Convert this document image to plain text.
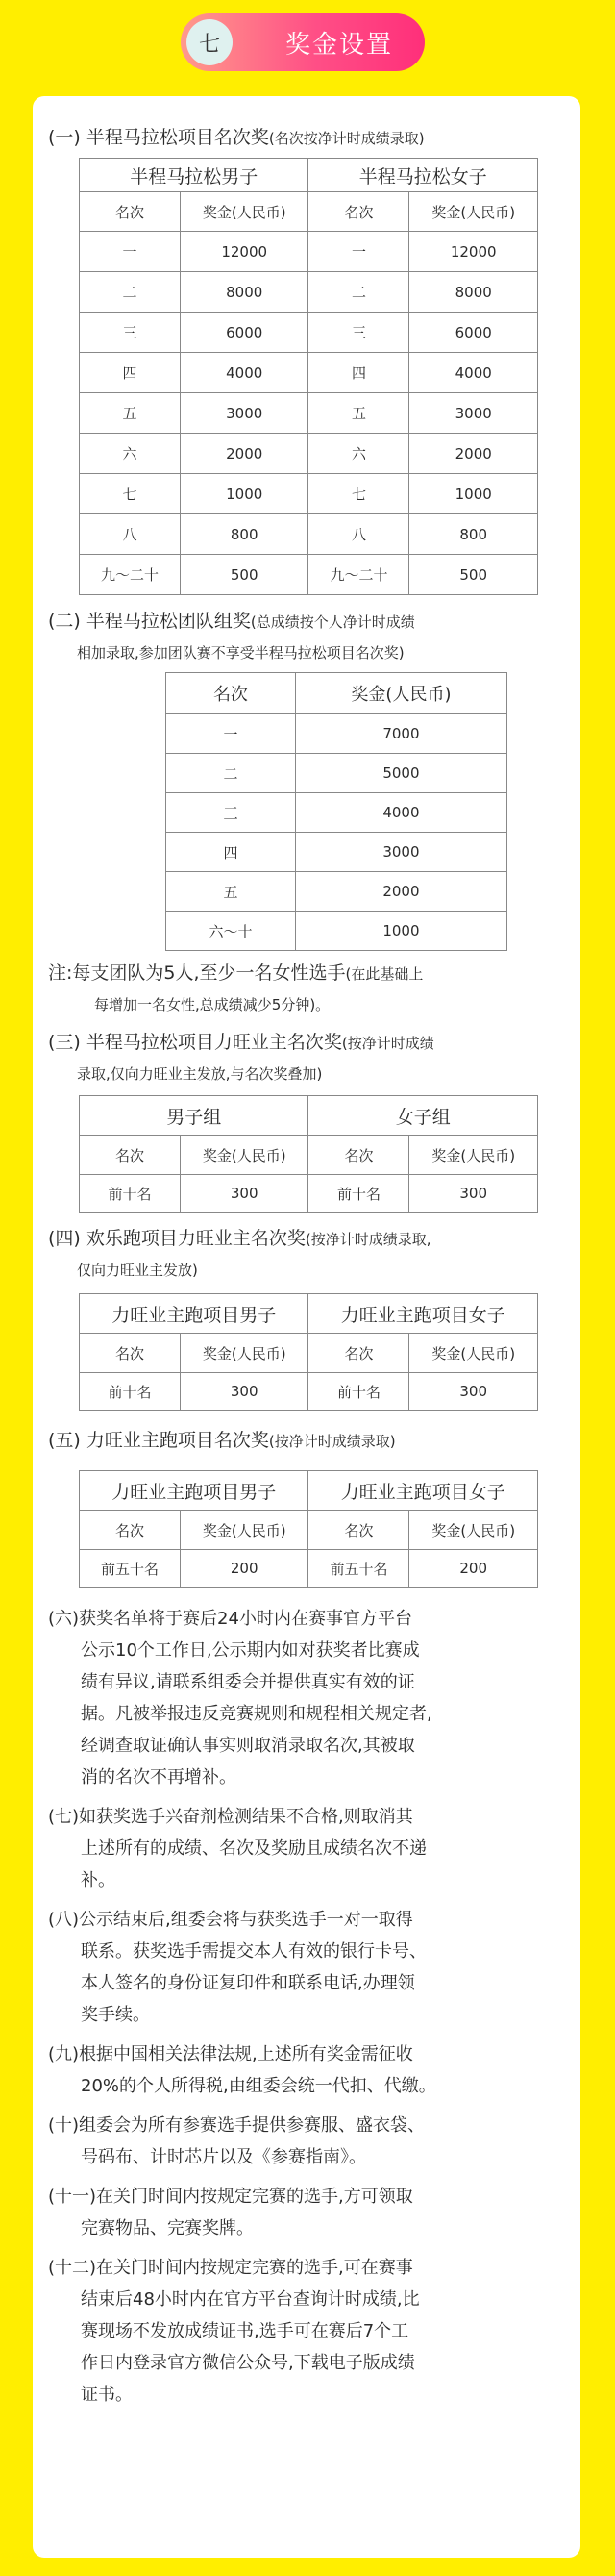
七	奖金设置
(一) 半程马拉松项目名次奖(名次按净计时成绩录取)
半程马拉松男子		半程马拉松女子	
名次	奖金(人民币)	名次	奖金(人民币)
一	12000	一	12000
二	8000	二	8000
三	6000	三	6000
四	4000	四	4000
五	3000	五	3000
六	2000	六	2000
七	1000	七	1000
八	800	八	800
九～二十	500	九～二十	500
(二) 半程马拉松团队组奖(总成绩按个人净计时成绩
相加录取,参加团队赛不享受半程马拉松项目名次奖)
名次	奖金(人民币)
一	7000
二	5000
三	4000
四	3000
五	2000
六～十	1000
注:每支团队为5人,至少一名女性选手(在此基础上
每增加一名女性,总成绩减少5分钟)。
(三) 半程马拉松项目力旺业主名次奖(按净计时成绩
录取,仅向力旺业主发放,与名次奖叠加)
男子组		女子组	
名次	奖金(人民币)	名次	奖金(人民币)
前十名	300	前十名	300
(四) 欢乐跑项目力旺业主名次奖(按净计时成绩录取,
仅向力旺业主发放)
力旺业主跑项目男子		力旺业主跑项目女子	
名次	奖金(人民币)	名次	奖金(人民币)
前十名	300	前十名	300
(五) 力旺业主跑项目名次奖(按净计时成绩录取)
力旺业主跑项目男子		力旺业主跑项目女子	
名次	奖金(人民币)	名次	奖金(人民币)
前五十名	200	前五十名	200
(六)获奖名单将于赛后24小时内在赛事官方平台

公示10个工作日,公示期内如对获奖者比赛成
绩有异议,请联系组委会并提供真实有效的证
据。凡被举报违反竞赛规则和规程相关规定者,
经调查取证确认事实则取消录取名次,其被取
消的名次不再增补。
(七)如获奖选手兴奋剂检测结果不合格,则取消其

上述所有的成绩、名次及奖励且成绩名次不递
补。
(八)公示结束后,组委会将与获奖选手一对一取得

联系。获奖选手需提交本人有效的银行卡号、
本人签名的身份证复印件和联系电话,办理领
奖手续。
(九)根据中国相关法律法规,上述所有奖金需征收

20%的个人所得税,由组委会统一代扣、代缴。
(十)组委会为所有参赛选手提供参赛服、盛衣袋、

号码布、计时芯片以及《参赛指南》。
(十一)在关门时间内按规定完赛的选手,方可领取

完赛物品、完赛奖牌。
(十二)在关门时间内按规定完赛的选手,可在赛事

结束后48小时内在官方平台查询计时成绩,比
赛现场不发放成绩证书,选手可在赛后7个工
作日内登录官方微信公众号,下载电子版成绩
证书。
